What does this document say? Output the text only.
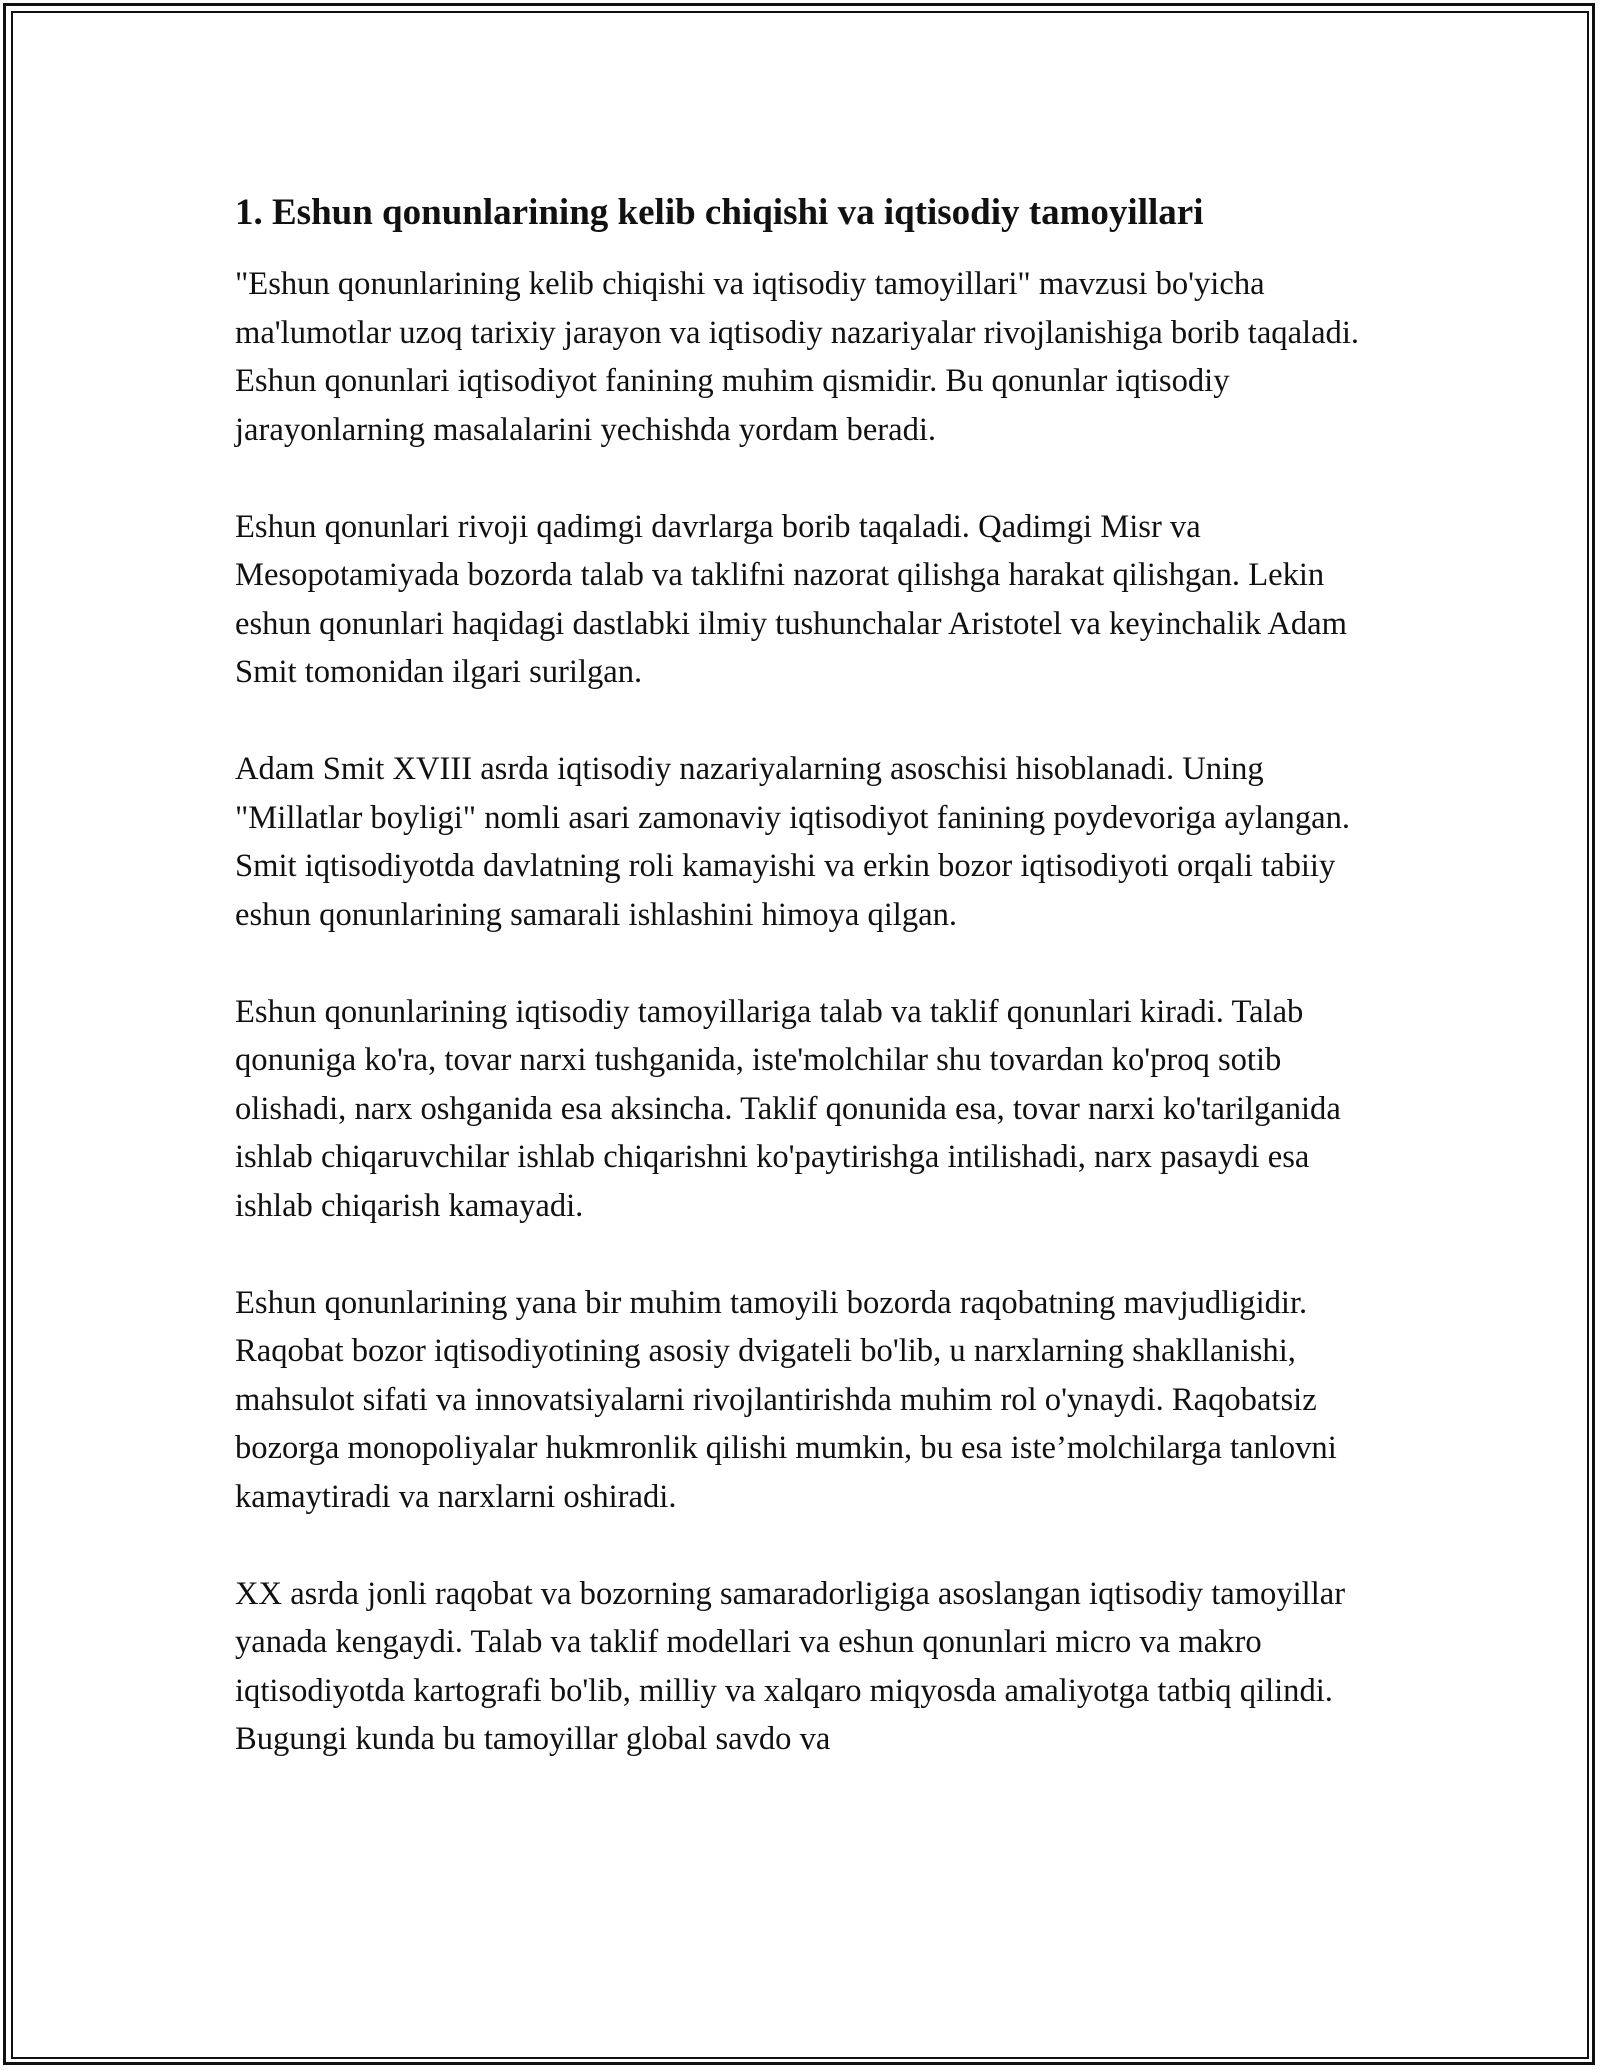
1. Eshun qonunlarining kelib chiqishi va iqtisodiy tamoyillari

"Eshun qonunlarining kelib chiqishi va iqtisodiy tamoyillari" mavzusi bo'yicha ma'lumotlar uzoq tarixiy jarayon va iqtisodiy nazariyalar rivojlanishiga borib taqaladi. Eshun qonunlari iqtisodiyot fanining muhim qismidir. Bu qonunlar iqtisodiy jarayonlarning masalalarini yechishda yordam beradi.

Eshun qonunlari rivoji qadimgi davrlarga borib taqaladi. Qadimgi Misr va Mesopotamiyada bozorda talab va taklifni nazorat qilishga harakat qilishgan. Lekin eshun qonunlari haqidagi dastlabki ilmiy tushunchalar Aristotel va keyinchalik Adam Smit tomonidan ilgari surilgan.

Adam Smit XVIII asrda iqtisodiy nazariyalarning asoschisi hisoblanadi. Uning "Millatlar boyligi" nomli asari zamonaviy iqtisodiyot fanining poydevoriga aylangan. Smit iqtisodiyotda davlatning roli kamayishi va erkin bozor iqtisodiyoti orqali tabiiy eshun qonunlarining samarali ishlashini himoya qilgan.

Eshun qonunlarining iqtisodiy tamoyillariga talab va taklif qonunlari kiradi. Talab qonuniga ko'ra, tovar narxi tushganida, iste'molchilar shu tovardan ko'proq sotib olishadi, narx oshganida esa aksincha. Taklif qonunida esa, tovar narxi ko'tarilganida ishlab chiqaruvchilar ishlab chiqarishni ko'paytirishga intilishadi, narx pasaydi esa ishlab chiqarish kamayadi.

Eshun qonunlarining yana bir muhim tamoyili bozorda raqobatning mavjudligidir. Raqobat bozor iqtisodiyotining asosiy dvigateli bo'lib, u narxlarning shakllanishi, mahsulot sifati va innovatsiyalarni rivojlantirishda muhim rol o'ynaydi. Raqobatsiz bozorga monopoliyalar hukmronlik qilishi mumkin, bu esa iste’molchilarga tanlovni kamaytiradi va narxlarni oshiradi.

XX asrda jonli raqobat va bozorning samaradorligiga asoslangan iqtisodiy tamoyillar yanada kengaydi. Talab va taklif modellari va eshun qonunlari micro va makro iqtisodiyotda kartografi bo'lib, milliy va xalqaro miqyosda amaliyotga tatbiq qilindi. Bugungi kunda bu tamoyillar global savdo va
